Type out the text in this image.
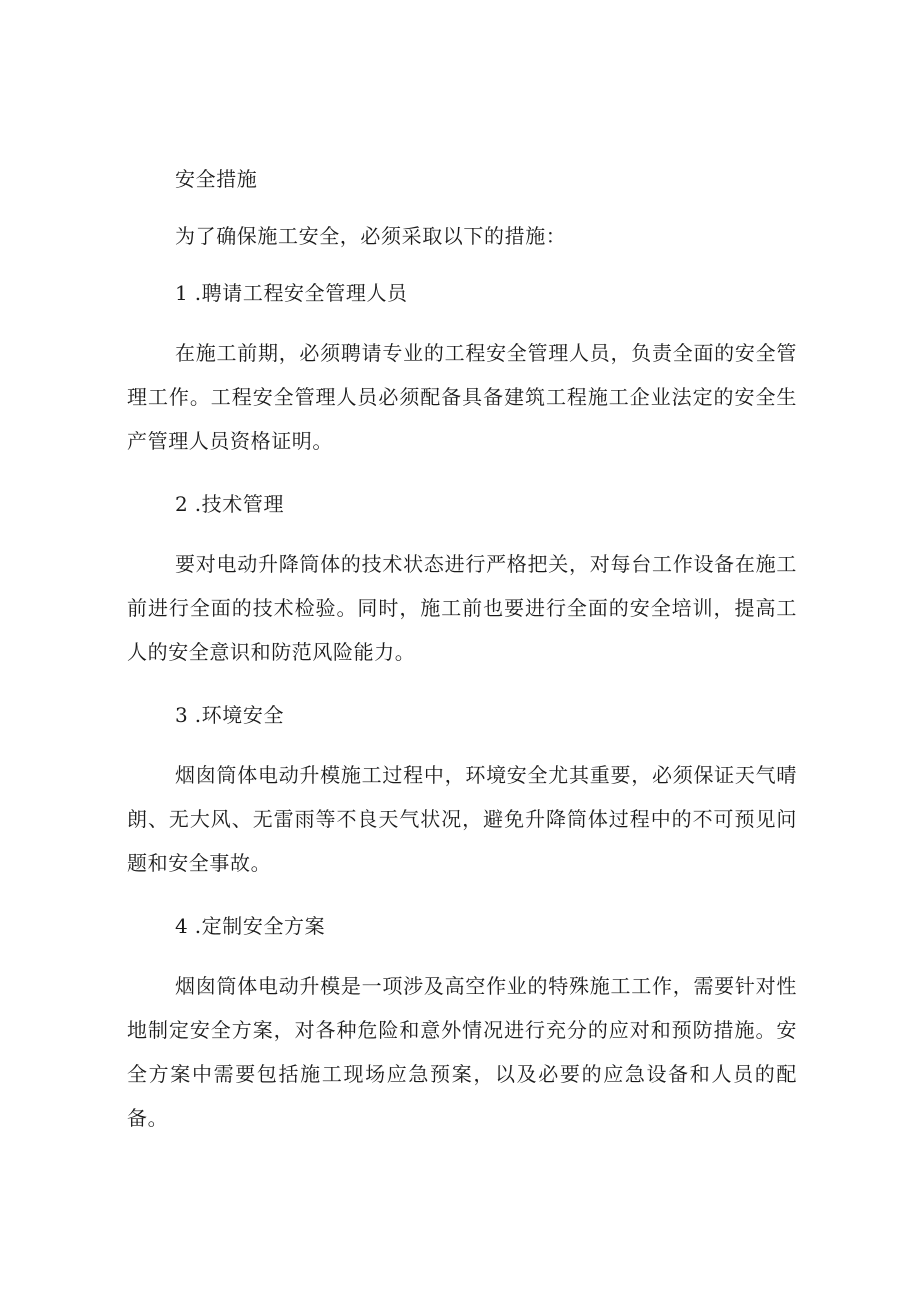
安全措施

为了确保施工安全，必须采取以下的措施：

1 .聘请工程安全管理人员

在施工前期，必须聘请专业的工程安全管理人员，负责全面的安全管理工作。工程安全管理人员必须配备具备建筑工程施工企业法定的安全生产管理人员资格证明。

2 .技术管理

要对电动升降筒体的技术状态进行严格把关，对每台工作设备在施工前进行全面的技术检验。同时，施工前也要进行全面的安全培训，提高工人的安全意识和防范风险能力。

3 .环境安全

烟囱筒体电动升模施工过程中，环境安全尤其重要，必须保证天气晴朗、无大风、无雷雨等不良天气状况，避免升降筒体过程中的不可预见问题和安全事故。

4 .定制安全方案

烟囱筒体电动升模是一项涉及高空作业的特殊施工工作，需要针对性地制定安全方案，对各种危险和意外情况进行充分的应对和预防措施。安全方案中需要包括施工现场应急预案，以及必要的应急设备和人员的配备。
